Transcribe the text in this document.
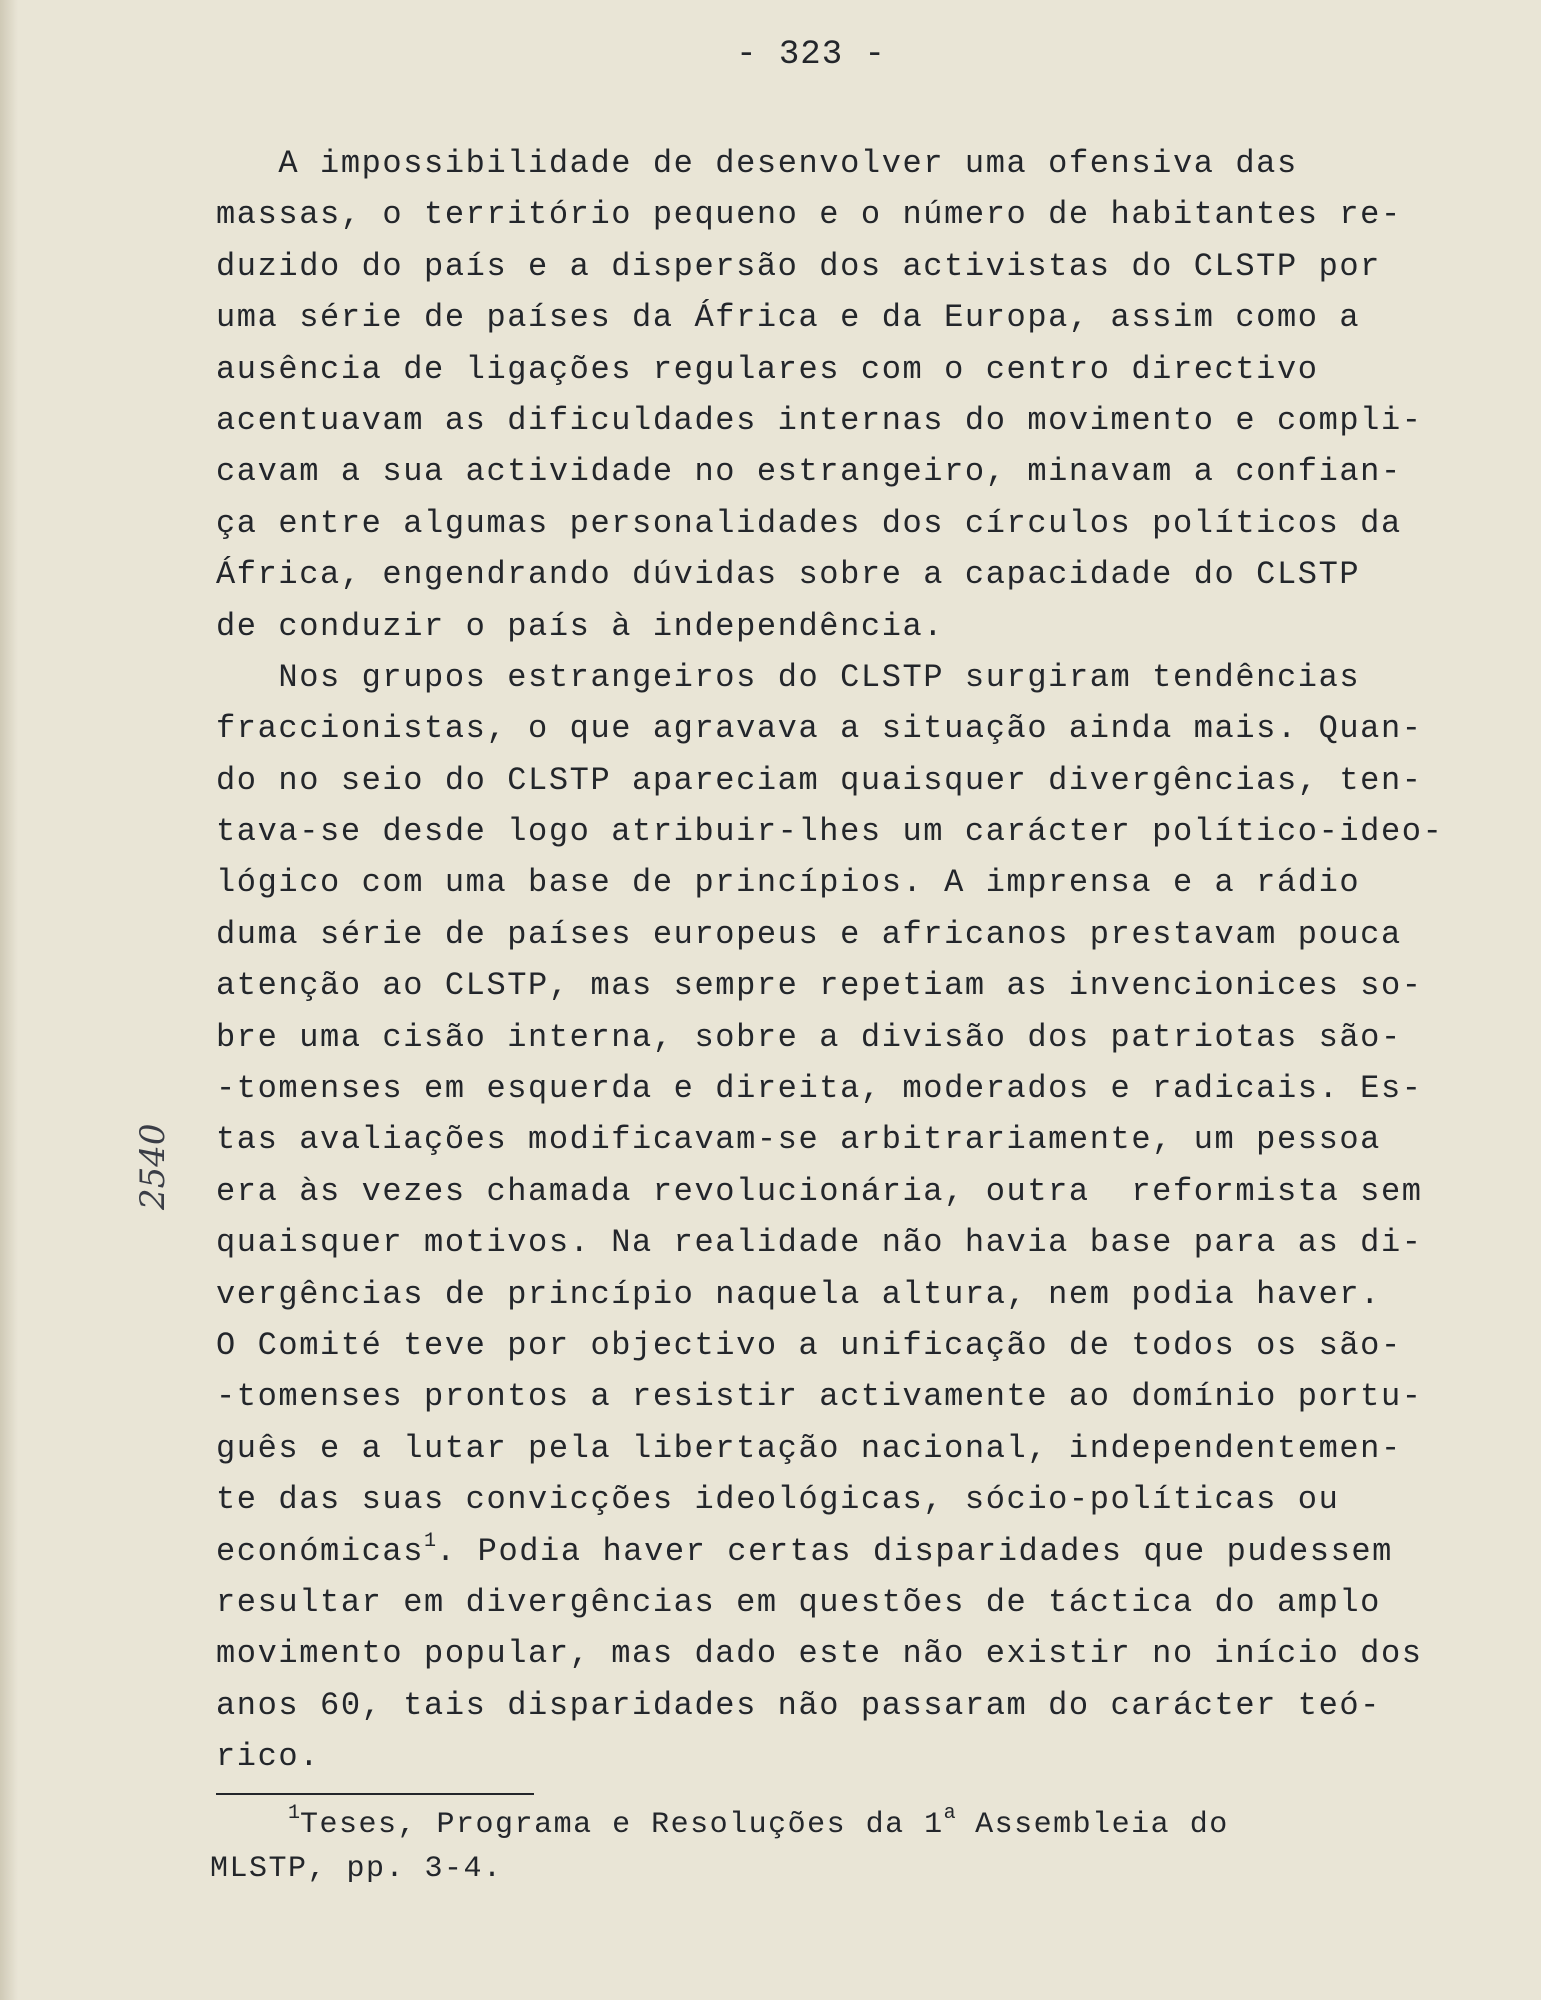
- 323 -
2540
A impossibilidade de desenvolver uma ofensiva das
massas, o território pequeno e o número de habitantes re-
duzido do país e a dispersão dos activistas do CLSTP por
uma série de países da África e da Europa, assim como a
ausência de ligações regulares com o centro directivo
acentuavam as dificuldades internas do movimento e compli-
cavam a sua actividade no estrangeiro, minavam a confian-
ça entre algumas personalidades dos círculos políticos da
África, engendrando dúvidas sobre a capacidade do CLSTP
de conduzir o país à independência.
Nos grupos estrangeiros do CLSTP surgiram tendências
fraccionistas, o que agravava a situação ainda mais. Quan-
do no seio do CLSTP apareciam quaisquer divergências, ten-
tava-se desde logo atribuir-lhes um carácter político-ideo-
lógico com uma base de princípios. A imprensa e a rádio
duma série de países europeus e africanos prestavam pouca
atenção ao CLSTP, mas sempre repetiam as invencionices so-
bre uma cisão interna, sobre a divisão dos patriotas são-
-tomenses em esquerda e direita, moderados e radicais. Es-
tas avaliações modificavam-se arbitrariamente, um pessoa
era às vezes chamada revolucionária, outra  reformista sem
quaisquer motivos. Na realidade não havia base para as di-
vergências de princípio naquela altura, nem podia haver.
O Comité teve por objectivo a unificação de todos os são-
-tomenses prontos a resistir activamente ao domínio portu-
guês e a lutar pela libertação nacional, independentemen-
te das suas convicções ideológicas, sócio-políticas ou
económicas$^1$. Podia haver certas disparidades que pudessem
resultar em divergências em questões de táctica do amplo
movimento popular, mas dado este não existir no início dos
anos 60, tais disparidades não passaram do carácter teó-
rico.
$^1$Teses, Programa e Resoluções da 1$^a$ Assembleia do
MLSTP, pp. 3-4.
